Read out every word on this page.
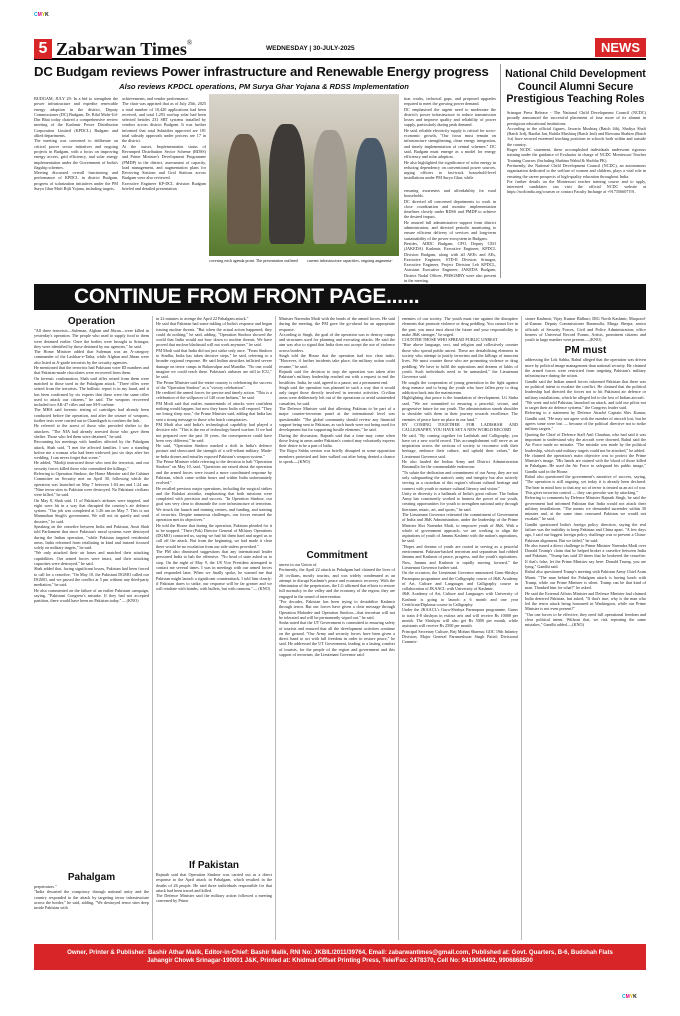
CMYK
5 Zabarwan Times®
WEDNESDAY | 30-JULY-2025	NEWS
DC Budgam reviews Power infrastructure and Renewable Energy progress
Also reviews KPDCL operations, PM Surya Ghar Yojana & RDSS Implementation
BUDGAM, JULY 29: In a bid to strengthen the power infrastructure and expedite renewable energy adoption in the district, Deputy Commissioner (DC) Budgam, Dr. Bilal Mohi-Ud-Din Bhat today chaired a comprehensive review meeting of the Kashmir Power Distribution Corporation Limited (KPDCL) Budgam and allied departments.
The meeting was convened to deliberate on critical power sector initiatives and ongoing projects in Budgam, with a focus on improving energy access, grid efficiency, and solar energy implementation under the Government of India's flagship schemes.
Meeting discussed overall functioning and performance of KPDCL in district Budgam, progress of solarization initiatives under the PM Surya Ghar Muft Bijli Yojana, including targets,
achievements, and vendor performance.
The chair was apprised that as of July 25th, 2025 a total number of 10,420 applications had been received, and total 1,293 rooftop solar had been selected besides 231 SRT systems installed by vendors across district Budgam. It was further informed that total Subsidies approved are 181 total subsidy approvals under process are 17 in the district.
At the outset, Implementation status of Revamped Distribution Sector Scheme (RDSS) and Prime Minister's Development Programme (PMDP) in the district, assessment of capacity, load management, and augmentation plans for Receiving Stations and Grid Stations across Budgam were also reviewed.
Executive Engineer KP-DCL division Budgam briefed and detailed presentation
covering each agenda point. The presentation outlined	current infrastructure capacities, ongoing augmenta-
tion works, technical gaps, and proposed upgrades required to meet the growing power demand.
DC emphasised the urgent need to modernize the district's power infrastructure to reduce transmission losses and improve quality and reliability of power supply, particularly during peak demand.
He said, reliable electricity supply is critical for socio-economic growth, "Our focus must remain on infrastructure strengthening, clean energy integration, and timely implementation of central schemes." DC said, Budgam must emerge as a model for energy efficiency and solar adoption.
He also highlighted the significance of solar energy in reducing dependency on conventional power sources, urging officers to fast-track household-level installations under PM Surya Ghar, while
ensuring awareness and affordability for rural households.
DC directed all concerned departments to work in close coordination and monitor implementation timelines closely under RDSS and PMDP to achieve the desired impact.
He assured full administrative support from district administration, and directed periodic monitoring to ensure efficient delivery of services and long-term sustainability of the power ecosystem in Budgam.
Besides, ADDC Budgam, CPO, Deputy CEO (JAKEDA) Kashmir, Executive Engineer, KPDCL Division Budgam, along with all AEEs and AEs, Executive Engineer, STD-II Division Srinagar, Executive Engineer, Project Division Leh KPDCL, Assistant Executive Engineer, JAKEDA Budgam, District Nodal Officer, PMSGMBY were also present in the meeting.
National Child Development Council Alumni Secure Prestigious Teaching Roles
Srinagar Press Release - The National Child Development Council (NCDC) proudly announced the successful placement of four more of its alumni in prestigious educational institutions.
According to the official figures, Jawaria Mushtaq (Batch 4th), Shafiya Shafi (Batch 3rd), Bazilat Jan, Rahila Mushtaq (Batch 2nd) and Rizwana Shahim (Batch 1st) have secured esteemed teaching positions in schools both within and outside the country.
Roger NCDC statement, these accomplished individuals underwent rigorous training under the guidance of Evaluator in charge of NCDC Montessori Teacher Training Courses (Including Shabina Wahid & Shobha PK).
Pertinently, the National Child Development Council (NCDC), an autonomous organization dedicated to the welfare of women and children, plays a vital role in ensuring the career prospects of high-quality education throughout India.
For further details on the Montessori teacher training course and to apply, interested candidates can visit the official NCDC website at https://ncdcindia.org/courses or contact Faculty Incharge at +917356607191.
CONTINUE FROM FRONT PAGE......
Operation
"All three terrorists—Suleman, Afghan and Jibran—were killed in yesterday's operation. The people who used to supply food to them were detained earlier. Once the bodies were brought to Srinagar, they were identified by those detained by our agencies," he said.
The Home Minister added that Suleman was an A-category commander of the Lashkar-e-Taiba, while Afghan and Jibran were also listed as A-grade terrorists by the security agencies.
He mentioned that the terrorists had Pakistani voter ID numbers and that Pakistan-made chocolates were recovered from them.
On forensic confirmation, Shah said rifles seized from them were matched to those used in the Pahalgam attack. "Three rifles were seized from the terrorists. The ballistic report is in my hand, and it has been confirmed by six experts that these were the same rifles used to attack our citizens," he said. The weapons recovered included two AK-47 rifles and one M-9 carbine.
The MHA said forensic testing of cartridges had already been conducted before the operation, and after the seizure of weapons, further tests were carried out in Chandigarh to confirm the link.
He referred to the arrest of those who provided shelter to the attackers. "The NIA had already arrested those who gave them shelter. Those who fed them were detained," he said.
Recounting his meetings with families affected by the Pahalgam attack, Shah said, "I met the affected families. I saw a standing before me a woman who had been widowed just six days after her wedding. I can never forget that scene."
He added, "Modiji instructed those who sent the terrorists, and our security forces killed those who committed the killings."
Referring to Operation Sindoor, the Home Minister said the Cabinet Committee on Security met on April 30, following which the operation was launched on May 7 between 1:04 am and 1:24 am. "Nine terror sites in Pakistan were destroyed. No Pakistani civilians were killed," he said.
On May 8, Shah said, 11 of Pakistan's airbases were targeted, and eight were hit in a way that disrupted the country's air defence system. "Our job was completed at 1:26 am on May 7. This is not Manmohan Singh's government. We will not sit quietly and send dossiers," he said.
Speaking on the ceasefire between India and Pakistan, Amit Shah told Parliament that since Pakistan's naval systems were destroyed during the Indian operation, "while Pakistan targeted residential areas, India refrained from retaliating in kind and instead focused solely on military targets," he said.
"We only attacked their air bases and matched their attacking capabilities. Our armed forces were intact, and their attacking capacities were destroyed," he said.
Shah added that, facing significant losses, Pakistan had been forced to call for a ceasefire. "On May 10, the Pakistani DGMO called our DGMO, and we passed the conflict at 5 pm without any third-party mediation," he said.
He also commented on the failure of an earlier Pakistani campaign, saying, "Pakistani Congress's mistake. If they had not accepted partition, there would have been no Pakistan today."— (KNO)
Pahalgam
perpetrators."
"India thwarted the conspiracy through national unity and the country responded to the attack by targeting terror infrastructure across the border," he said, adding, "We destroyed terror sites deep inside Pakistan with
in 22 minutes to avenge the April 22 Pahalgam attack."
He said that Pakistan had some inkling of India's response and began issuing nuclear threats. "But when the actual action happened, they could do nothing," he said, adding, "Operation Sindoor showed the world that India would not bow down to nuclear threats. We have proved that nuclear blackmail will not work anymore," he said.
PM Modi said that India did not just strike only once. "From Sindoor to Sindhu, India has taken decisive steps," he said, referring to a broader regional response. He said Indian airstrikes inflicted severe damage on terror camps in Bahawalpur and Muridke. "No one could imagine we could reach there. Pakistan's airbases are still in ICU," he said.
The Prime Minister said the entire country is celebrating the success of the "Operation Sindoor" as a "victory celebration".
He credited the armed forces for precise and timely action. "This is a celebration of the willpower of 140 crore Indians," he said.
PM Modi said that earlier, masterminds of attacks were confident nothing would happen, but now they know India will respond. "They are losing sleep now," the Prime Minister said, adding that India has sent a strong message to those who hatch conspiracies.
PM Modi also said India's technological capability had played a decisive role. "This is the era of technology-based warfare. If we had not prepared over the past 10 years, the consequences could have been very different," he said.
He said, "Operation Sindoor marked a shift in India's defence posture and showcased the strength of a self-reliant military. Made-in-India drones and missiles exposed Pakistan's weapon system."
The Prime Minister while referring to the decision to halt "Operation Sindoor" on May 10, said, "Questions are raised about the operation and the armed forces were issued a more coordinated response by Pakistan, which came within hours and within India unfortunately evolved."
He recalled previous major operations, including the surgical strikes and the Balakot airstrike, emphasising that both missions were completed with precision and success. "In Operation Sindoor, our goal was very clear to dismantle the core infrastructure of terrorism. We struck the launch and training centres, and funding, and training of terrorists. Despite numerous challenges, our forces ensured the operation met its objectives."
He told the House that during the operation, Pakistan pleaded for it to be stopped. "Their (Pak) Director General of Military Operations (DGMO) contacted us, saying we had hit them hard and urged us to call off the attack. But from the beginning, we had made it clear there would be no escalation from our side unless provoked."
The PM also dismissed suggestions that any international leader pressured India to halt the offensive. "No head of state asked us to stop. On the night of May 9, the US Vice President attempted to contact me several times. I was in meetings with our armed forces and responded later. When we finally spoke, he warned me that Pakistan might launch a significant counterattack. I told him clearly: if Pakistan dares to strike, our response will be far greater and we will retaliate with bombs, with bullets, but with cannons."— (KNO)
If Pakistan
Rajnath said that Operation Sindoor was carried out as a direct response to the April attack in Pahalgam, which resulted in the deaths of 26 people. He said three individuals responsible for that attack had been traced and killed.
The Defence Minister said the military action followed a meeting convened by Prime
Minister Narendra Modi with the heads of the armed forces. He said during the meeting, the PM gave the go-ahead for an appropriate response.
According to Singh, the goal of the operation was to destroy camps and structures used for planning and executing attacks. He said the aim was also to signal that India does not accept the use of violence across borders.
Singh told the House that the operation had two clear tasks. "However, if further incidents take place, the military action could resume," he said.
Rajnath said the decision to stop the operation was taken after Pakistan's military leadership reached out with a request to end the hostilities. India, he said, agreed to a pause, not a permanent end.
Singh said the operation was planned in such a way that it would only target those directly involved in terrorist activities. Civilian areas were deliberately left out of the operations to avoid unintended casualties, he said.
The Defence Minister said that allowing Pakistan to be part of a major counter-terrorism panel at the international level was questionable. "The global community should review any financial support being sent to Pakistan, as such funds were not being used for development but for supporting hostile elements," he said.
During the discussion, Rajnath said that a time may come when those living in areas under Pakistan's control may voluntarily express their desire to be a part of India.
The Rajya Sabha session was briefly disrupted as some opposition members protested and later walked out after being denied a chance to speak.—(KNO)
Commitment
unrest in our Union of.
Pertinently, the April 22 attack in Pahalgam had claimed the lives of 26 civilians, mostly tourists, and was widely condemned as an attempt to disrupt Kashmir's peace and economic recovery. With the elimination of the perpetrators, the LG affirmed that efforts to restore full normalcy in the valley and the economy of the region, they are engaged in the sound of intervention.
"For decades, Pakistan has been trying to destabilise Kashmir through terror. But our forces have given a clear message through Operation Mahadev and Operation Sindoor—that terrorism will not be tolerated and will be permanently wiped out," he said.
Sinha noted that the UT Government is committed to ensuring safety of tourists and ensured that all the development activities continue on the ground. "Our Army and security forces have been given a direct hand to act with full freedom in order to restore peace," he said. He addressed the UT Government, leading to a lasting comfort of tourists, for the people of the region and government and this support of terrorism, the Lieutenant Governor said.
enemies of our society. The youth must rise against the disruptive elements that promote violence or drug peddling. You cannot live in the past; you must trust about the future and your responsibility to make J&K stronger," he urged.
COUNTER THOSE WHO SPREAD PUBLIC UNREST
"Rise above language, sect, and religion and collectively counter those who spread public unrest. These are destabilising elements in society who attempt to justify terrorism and the killings of innocent lives. We must counter those who are promoting violence or drug peddling. We have to fulfil the aspirations and dreams of lakhs of youth. Such individuals need to be unmasked," the Lieutenant Governor said.
He sought the cooperation of young generation in the fight against drug menace and to bring the youth who have fallen prey to drug addiction back into the mainstream.
Highlighting that peace is the foundation of development, LG Sinha said, "We are committed to ensuring a peaceful, secure, and progressive future for our youth. The administration stands shoulder to shoulder with them in their journey towards excellence. The enemies of peace have no place in our land."
BY COMING TOGETHER FOR LADISHAH AND CALLIGRAPHY, YOU HAVE SET A NEW WORLD RECORD
He said, "By coming together for Ladishah and Calligraphy, you have set a new world record. This accomplishment will serve as an inspiration across the sections of society to reconnect with their heritage, embrace their culture, and uphold their values," the Lieutenant Governor said.
He also lauded the Indian Army and District Administration Baramulla for the commendable endeavour.
"To salute the dedication and commitment of our Army, they are not only safeguarding the nation's unity and integrity but also actively serving as a custodian of this region's vibrant cultural heritage and connect with youth to nurture cultural literacy and vision."
Unity in diversity is a hallmark of India's great culture. The Indian Army has consistently worked to harness the power of our youth, creating opportunities for youth to strengthen national unity through literature, music, art, and sports," he said.
The Lieutenant Governor reiterated the commitment of Government of India and J&K Administration, under the leadership of the Prime Minister Shri Narendra Modi, to empower youth of J&K. With a whole of government approach, we are working to align the aspirations of youth of Jammu Kashmir with the nation's aspirations, he said.
"Hopes and dreams of youth are rooted in serving as a peaceful environment. Pakistan-backed terrorism and separatism had robbed Jammu and Kashmir of peace, progress, and the youth's aspirations. Now, Jammu and Kashmir is rapidly moving forward," the Lieutenant Governor further said.
On the occasion, the Lieutenant Governor announced Guru-Shishya Parampara programme and the Calligraphy course of J&K Academy of Art, Culture and Languages and Calligraphy course in collaboration of JKAACL with University of Kashmir.
J&K Academy of Art, Culture and Languages with University of Kashmir is going to launch a 6 month and one year Certificate/Diploma course in Calligraphy.
Under the JKAACL's Guru-Shishya Parampara programme, Gurus to train 4-8 shishyas in extinct arts and will receive Rs 10000 per month. The Shishyas will also get Rs 5000 per month, while assistants will receive Rs 2500 per month.
Principal Secretary Culture, Brij Mohan Sharma; GOC 19th Infantry Division, Major General Parameshwar Singh Patial; Divisional Commis-
sioner Kashmir, Vijay Kumar Bidhuri; DIG North Kashmir, Maqsood-ul-Zaman; Deputy Commissioner Baramulla, Minga Sherpa; senior officials of Security Forces, Civil and Police Administration; office bearers of Universal Record Forum, Artists, prominent citizens and youth in large number were present.—(KNO)
PM must
addressing the Lok Sabha, Rahul alleged that the operation was driven more by political image management than national security. He claimed the armed forces were restricted from targeting Pakistan's military infrastructure during the action.
Gandhi said the Indian armed forces informed Pakistan that there was no political intent to escalate the conflict. He claimed that the political leadership had directed the forces not to hit Pakistani air defence or military installations, which he alleged led to the loss of Indian aircraft.
"We went and told Pakistan, launched an attack, and told our pilots not to target their air defence systems," the Congress leader said.
Referring to a statement by Defence Attaché Captain Shiv Kumar, Gandhi said, "He may not agree with the number of aircraft lost, but he agrees some were lost — because of the political directive not to strike military targets."
Quoting the Chief of Defence Staff Anil Chauhan, who had said it was important to understand why the aircraft were downed, Rahul said the Air Force made no mistake. "The mistake was made by the political leadership, which said military targets could not be attacked," he added.
He claimed the operation's main objective was to protect the Prime Minister's image. "His hands are stained with the blood of those killed in Pahalgam. He used the Air Force to safeguard his public image," Gandhi said in the House.
Rahul also questioned the government's narrative of success, saying, "The operation is still ongoing, yet today it is already been declared. The bear in mind how to that any act of terror is treated as an act of war. This gives terrorists control — they can provoke war by attacking."
Referring to comments by Defence Minister Rajnath Singh, he said the government had informed Pakistan that India would not attack their military installations. "The means we demanded surrender within 30 minutes and, at the same time, reassured Pakistan we would not escalate," he said.
Gandhi questioned India's foreign policy direction, saying the real failure was the inability to keep Pakistan and China apart. "A few days ago, I said our biggest foreign policy challenge was to prevent a China-Pakistan alignment. But we failed," he said.
He also issued a direct challenge to Prime Minister Narendra Modi over Donald Trump's claim that he helped broker a ceasefire between India and Pakistan. "Trump has said 29 times that he brokered the ceasefire. If that's false, let the Prime Minister say here: Donald Trump, you are lying," Gandhi said.
Rahul also questioned Trump's meeting with Pakistan Army Chief Asim Munir. "The man behind the Pahalgam attack is having lunch with Trump, while our Prime Minister is silent. Trump can be that kind of man. Thanked him for what?" he asked.
He said the External Affairs Minister and Defence Minister had claimed India deterred Pakistan, but asked, "If that's true, why is the man who led the terror attack being honoured in Washington, while our Prime Minister is not even present?"
"Our one forces to be effective, they need full operational freedom and clear political intent. Without that, we risk repeating the same mistakes," Gandhi added.—(KNO)
Owner, Printer & Publisher: Bashir Athar Malik, Editor-in-Chief: Bashir Malik, RNI No: JKBIL/2011/39764, Email: zabarwantimes@gmail.com, Published at: Govt. Quarters, B-6, Budshah Flats
Jahangir Chowk Srinagar-190001 J&K, Printed at: Khidmat Offset Printing Press, Tele/Fax: 2478370, Cell No: 9419004492, 9906868500
CMYK
